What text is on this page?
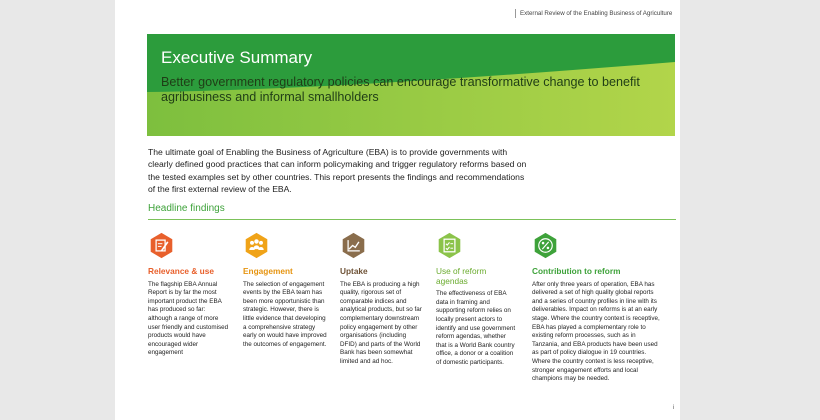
External Review of the Enabling Business of Agriculture
Executive Summary
Better government regulatory policies can encourage transformative change to benefit agribusiness and informal smallholders
The ultimate goal of Enabling the Business of Agriculture (EBA) is to provide governments with clearly defined good practices that can inform policymaking and trigger regulatory reforms based on the tested examples set by other countries. This report presents the findings and recommendations of the first external review of the EBA.
Headline findings
Relevance & use
The flagship EBA Annual Report is by far the most important product the EBA has produced so far: although a range of more user friendly and customised products would have encouraged wider engagement
Engagement
The selection of engagement events by the EBA team has been more opportunistic than strategic. However, there is little evidence that developing a comprehensive strategy early on would have improved the outcomes of engagement.
Uptake
The EBA is producing a high quality, rigorous set of comparable indices and analytical products, but so far complementary downstream policy engagement by other organisations (including DFID) and parts of the World Bank has been somewhat limited and ad hoc.
Use of reform agendas
The effectiveness of EBA data in framing and supporting reform relies on locally present actors to identify and use government reform agendas, whether that is a World Bank country office, a donor or a coalition of domestic participants.
Contribution to reform
After only three years of operation, EBA has delivered a set of high quality global reports and a series of country profiles in line with its deliverables. Impact on reforms is at an early stage. Where the country context is receptive, EBA has played a complementary role to existing reform processes, such as in Tanzania, and EBA products have been used as part of policy dialogue in 19 countries. Where the country context is less receptive, stronger engagement efforts and local champions may be needed.
i
